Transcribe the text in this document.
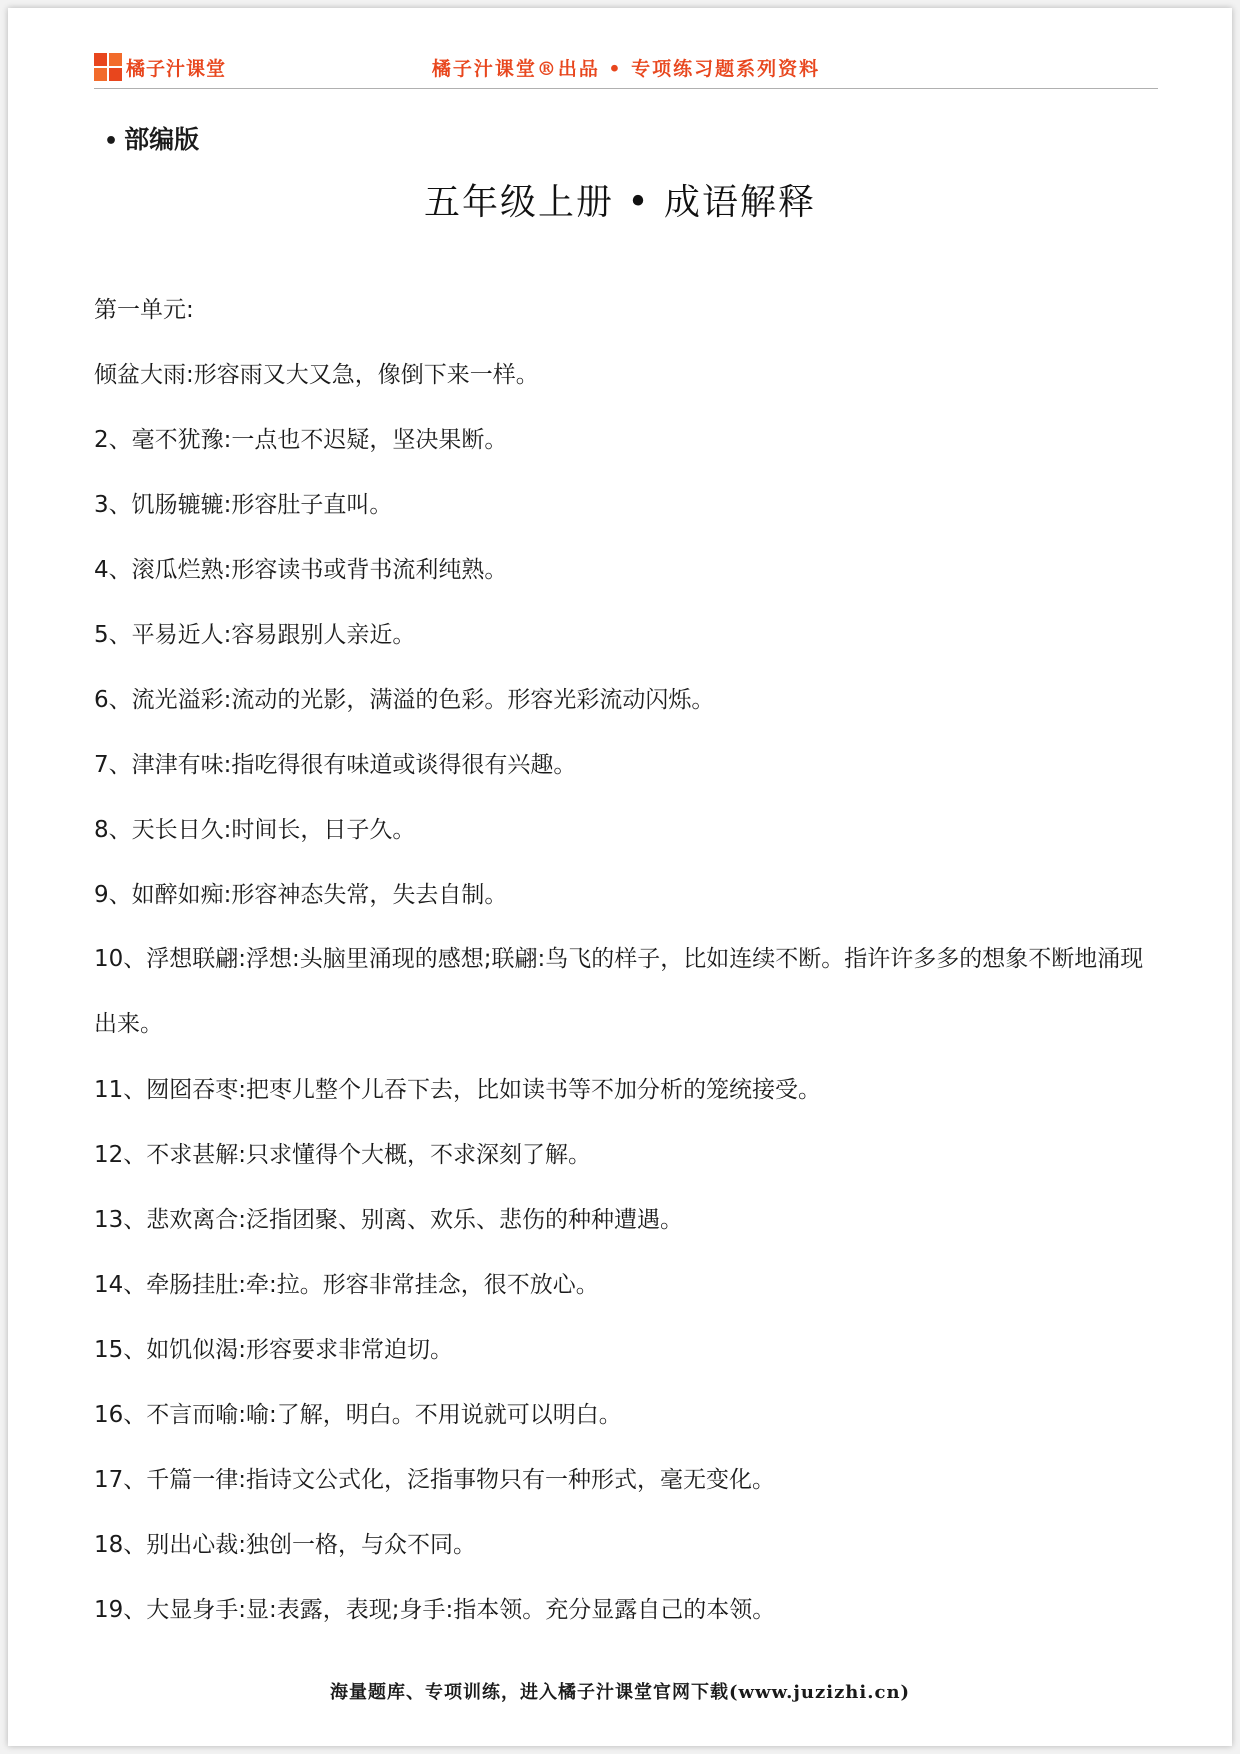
橘子汁课堂	橘子汁课堂®出品 • 专项练习题系列资料
• 部编版
五年级上册 • 成语解释
第一单元:
倾盆大雨:形容雨又大又急，像倒下来一样。
2、毫不犹豫:一点也不迟疑，坚决果断。
3、饥肠辘辘:形容肚子直叫。
4、滚瓜烂熟:形容读书或背书流利纯熟。
5、平易近人:容易跟别人亲近。
6、流光溢彩:流动的光影，满溢的色彩。形容光彩流动闪烁。
7、津津有味:指吃得很有味道或谈得很有兴趣。
8、天长日久:时间长，日子久。
9、如醉如痴:形容神态失常，失去自制。
10、浮想联翩:浮想:头脑里涌现的感想;联翩:鸟飞的样子，比如连续不断。指许许多多的想象不断地涌现出来。
11、囫囵吞枣:把枣儿整个儿吞下去，比如读书等不加分析的笼统接受。
12、不求甚解:只求懂得个大概，不求深刻了解。
13、悲欢离合:泛指团聚、别离、欢乐、悲伤的种种遭遇。
14、牵肠挂肚:牵:拉。形容非常挂念，很不放心。
15、如饥似渴:形容要求非常迫切。
16、不言而喻:喻:了解，明白。不用说就可以明白。
17、千篇一律:指诗文公式化，泛指事物只有一种形式，毫无变化。
18、别出心裁:独创一格，与众不同。
19、大显身手:显:表露，表现;身手:指本领。充分显露自己的本领。
海量题库、专项训练，进入橘子汁课堂官网下载(www.juzizhi.cn)
